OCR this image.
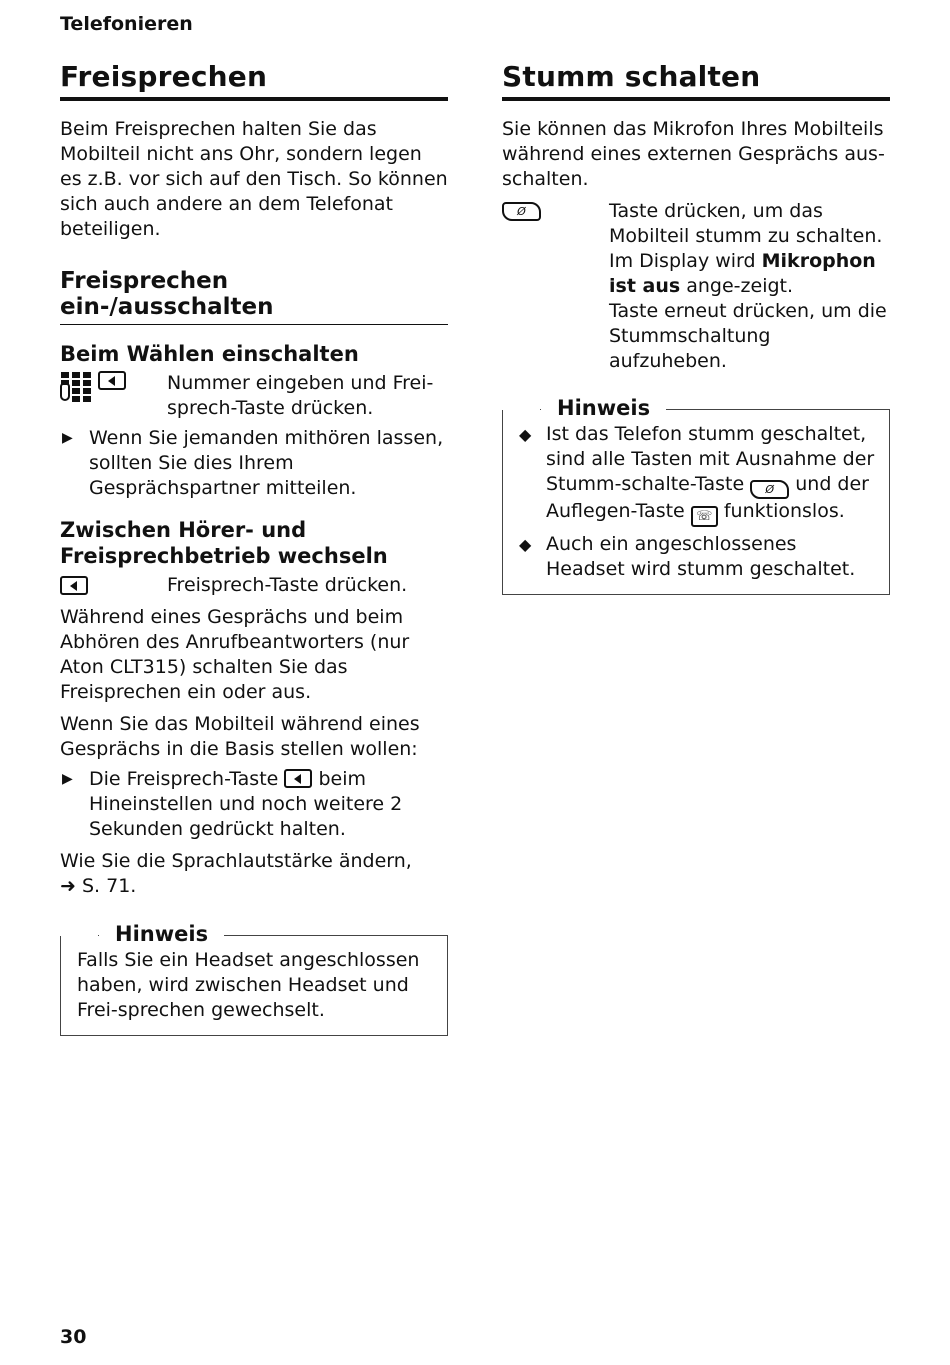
Telefonieren
Freisprechen

Beim Freisprechen halten Sie das Mobilteil nicht ans Ohr, sondern legen es z.B. vor sich auf den Tisch. So können sich auch andere an dem Telefonat beteiligen.

Freisprechen ein-/ausschalten
Beim Wählen einschalten
Nummer eingeben und Frei-sprech-Taste drücken.
▶ Wenn Sie jemanden mithören lassen, sollten Sie dies Ihrem Gesprächspartner mitteilen.
Zwischen Hörer- und Freisprechbetrieb wechseln
Freisprech-Taste drücken.

Während eines Gesprächs und beim Abhören des Anrufbeantworters (nur Aton CLT315) schalten Sie das Freisprechen ein oder aus.

Wenn Sie das Mobilteil während eines Gesprächs in die Basis stellen wollen:

▶ Die Freisprech-Taste beim Hineinstellen und noch weitere 2 Sekunden gedrückt halten.

Wie Sie die Sprachlautstärke ändern,

➜ S. 71.

Hinweis
Falls Sie ein Headset angeschlossen haben, wird zwischen Headset und Frei-sprechen gewechselt.
Stumm schalten

Sie können das Mikrofon Ihres Mobilteils während eines externen Gesprächs aus-schalten.

Ø	Taste drücken, um das Mobilteil stumm zu schalten. Im Display wird Mikrophon ist aus ange-zeigt.
Taste erneut drücken, um die Stummschaltung aufzuheben.
Hinweis
◆ Ist das Telefon stumm geschaltet, sind alle Tasten mit Ausnahme der Stumm-schalte-Taste Ø und der Auflegen-Taste ☏ funktionslos.
◆ Auch ein angeschlossenes Headset wird stumm geschaltet.
30
